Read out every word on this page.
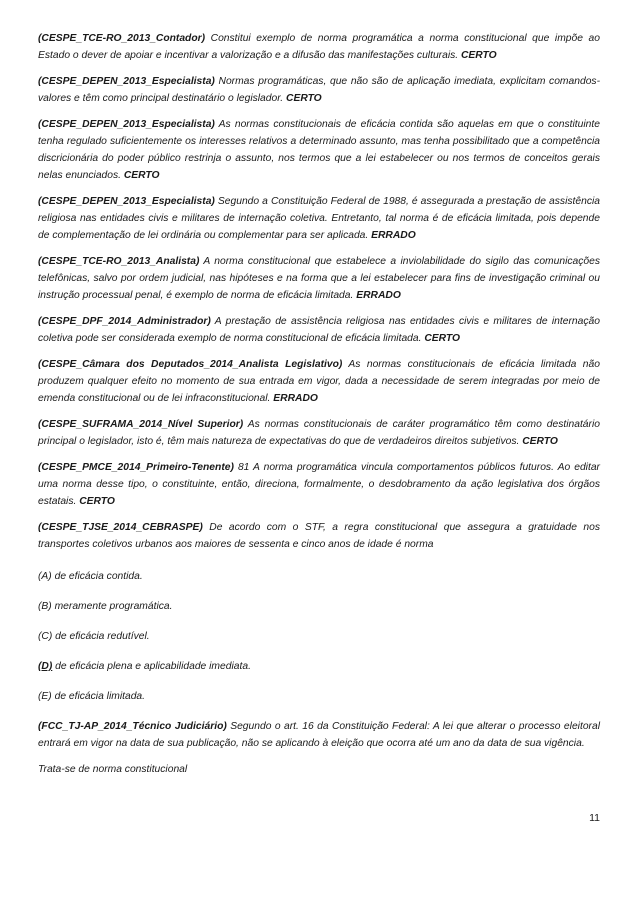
(CESPE_TCE-RO_2013_Contador) Constitui exemplo de norma programática a norma constitucional que impõe ao Estado o dever de apoiar e incentivar a valorização e a difusão das manifestações culturais. CERTO

(CESPE_DEPEN_2013_Especialista) Normas programáticas, que não são de aplicação imediata, explicitam comandos-valores e têm como principal destinatário o legislador. CERTO

(CESPE_DEPEN_2013_Especialista) As normas constitucionais de eficácia contida são aquelas em que o constituinte tenha regulado suficientemente os interesses relativos a determinado assunto, mas tenha possibilitado que a competência discricionária do poder público restrinja o assunto, nos termos que a lei estabelecer ou nos termos de conceitos gerais nelas enunciados. CERTO

(CESPE_DEPEN_2013_Especialista) Segundo a Constituição Federal de 1988, é assegurada a prestação de assistência religiosa nas entidades civis e militares de internação coletiva. Entretanto, tal norma é de eficácia limitada, pois depende de complementação de lei ordinária ou complementar para ser aplicada. ERRADO

(CESPE_TCE-RO_2013_Analista) A norma constitucional que estabelece a inviolabilidade do sigilo das comunicações telefônicas, salvo por ordem judicial, nas hipóteses e na forma que a lei estabelecer para fins de investigação criminal ou instrução processual penal, é exemplo de norma de eficácia limitada. ERRADO

(CESPE_DPF_2014_Administrador) A prestação de assistência religiosa nas entidades civis e militares de internação coletiva pode ser considerada exemplo de norma constitucional de eficácia limitada. CERTO

(CESPE_Câmara dos Deputados_2014_Analista Legislativo) As normas constitucionais de eficácia limitada não produzem qualquer efeito no momento de sua entrada em vigor, dada a necessidade de serem integradas por meio de emenda constitucional ou de lei infraconstitucional. ERRADO

(CESPE_SUFRAMA_2014_Nível Superior) As normas constitucionais de caráter programático têm como destinatário principal o legislador, isto é, têm mais natureza de expectativas do que de verdadeiros direitos subjetivos. CERTO

(CESPE_PMCE_2014_Primeiro-Tenente) 81 A norma programática vincula comportamentos públicos futuros. Ao editar uma norma desse tipo, o constituinte, então, direciona, formalmente, o desdobramento da ação legislativa dos órgãos estatais. CERTO

(CESPE_TJSE_2014_CEBRASPE) De acordo com o STF, a regra constitucional que assegura a gratuidade nos transportes coletivos urbanos aos maiores de sessenta e cinco anos de idade é norma

(A) de eficácia contida.

(B) meramente programática.

(C) de eficácia redutível.

(D) de eficácia plena e aplicabilidade imediata.

(E) de eficácia limitada.

(FCC_TJ-AP_2014_Técnico Judiciário) Segundo o art. 16 da Constituição Federal: A lei que alterar o processo eleitoral entrará em vigor na data de sua publicação, não se aplicando à eleição que ocorra até um ano da data de sua vigência.

Trata-se de norma constitucional

11
